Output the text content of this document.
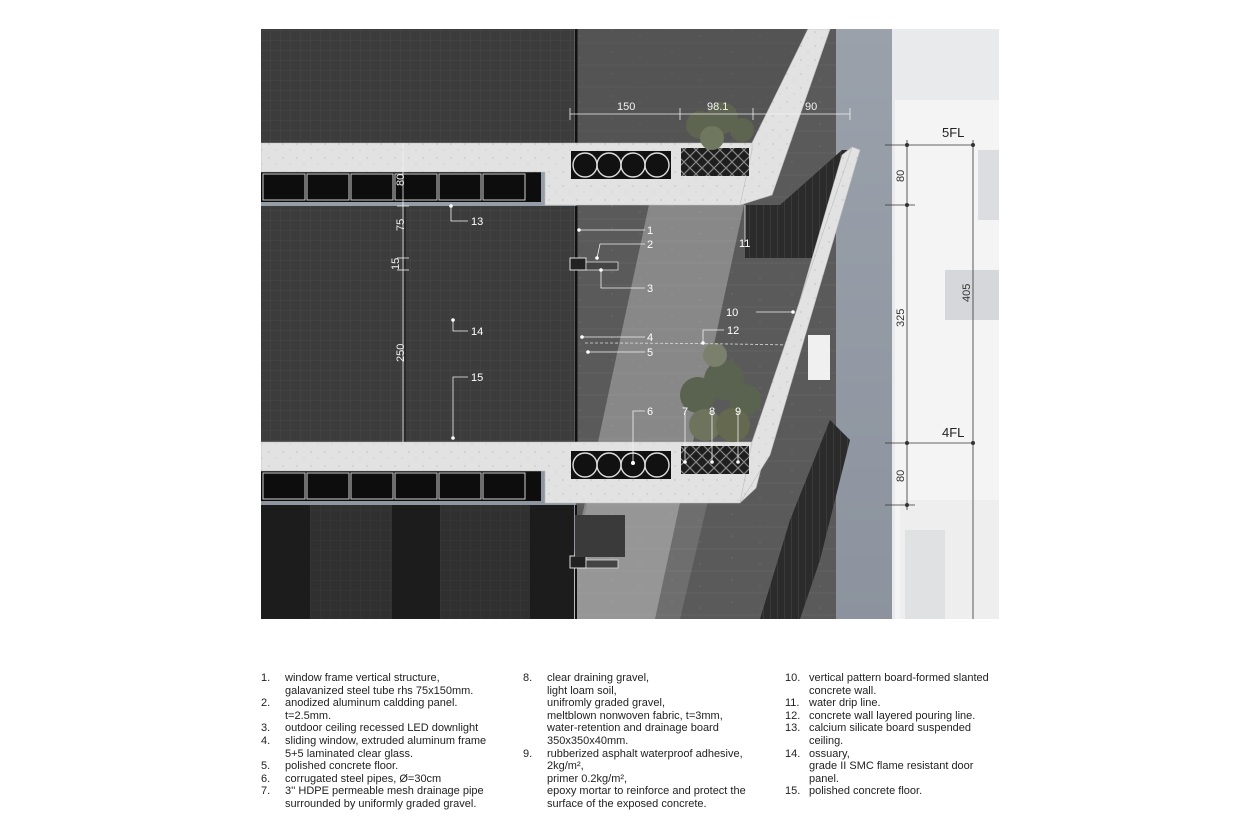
150	98.1	90
80
75
15
250
80
325
405
80
5FL
4FL
1
2
3
4
5
6	7 8 9
10
11
12
13
14
15
1.	window frame vertical structure,
galavanized steel tube rhs 75x150mm.
2.	anodized aluminum caldding panel.
t=2.5mm.
3.	outdoor ceiling recessed LED downlight
4.	sliding window, extruded aluminum frame
5+5 laminated clear glass.
5.	polished concrete floor.
6.	corrugated steel pipes, Ø=30cm
7.	3'' HDPE permeable mesh drainage pipe
surrounded by uniformly graded gravel.
8.	clear draining gravel,
light loam soil,
unifromly graded gravel,
meltblown nonwoven fabric, t=3mm,
water-retention and drainage board
350x350x40mm.
9.	rubberized asphalt waterproof adhesive,
2kg/m²,
primer 0.2kg/m²,
epoxy mortar to reinforce and protect the
surface of the exposed concrete.
10. vertical pattern board-formed slanted
concrete wall.
11. water drip line.
12. concrete wall layered pouring line.
13. calcium silicate board suspended ceiling.
14. ossuary,
grade II SMC flame resistant door panel.
15. polished concrete floor.
